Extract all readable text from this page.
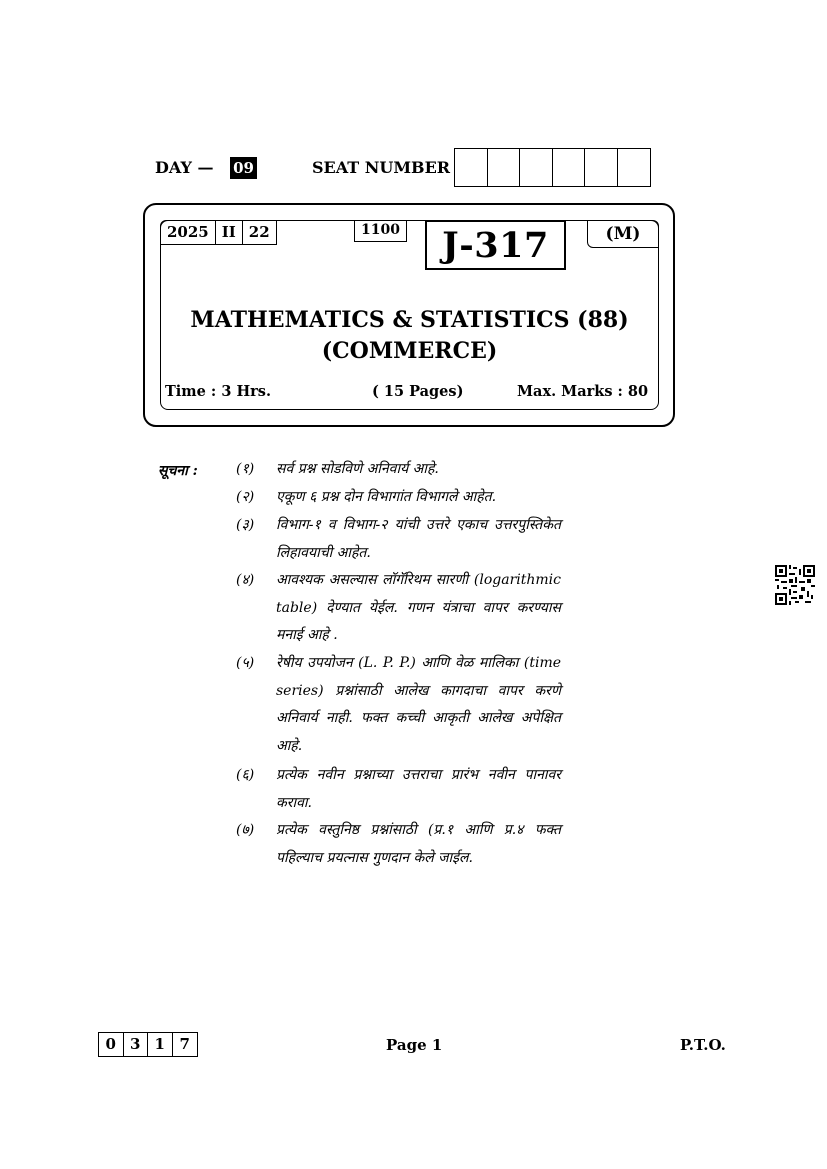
DAY — 09	SEAT NUMBER
2025 II 22	1100	J-317	(M)
MATHEMATICS & STATISTICS (88)
(COMMERCE)
Time : 3 Hrs.	( 15 Pages)	Max. Marks : 80
सूचना :	(१)	सर्व प्रश्न सोडविणे अनिवार्य आहे.
(२)	एकूण ६ प्रश्न दोन विभागांत विभागले आहेत.
(३)	विभाग-१ व विभाग-२ यांची उत्तरे एकाच उत्तरपुस्तिकेत लिहावयाची आहेत.
(४)	आवश्यक असल्यास लॉगॅरिथम सारणी (logarithmic table) देण्यात येईल. गणन यंत्राचा वापर करण्यास मनाई आहे .
(५)	रेषीय उपयोजन (L. P. P.) आणि वेळ मालिका (time series) प्रश्नांसाठी आलेख कागदाचा वापर करणे अनिवार्य नाही. फक्त कच्ची आकृती आलेख अपेक्षित आहे.
(६)	प्रत्येक नवीन प्रश्नाच्या उत्तराचा प्रारंभ नवीन पानावर करावा.
(७)	प्रत्येक वस्तुनिष्ठ प्रश्नांसाठी (प्र.१ आणि प्र.४ फक्त पहिल्याच प्रयत्नास गुणदान केले जाईल.
0 3 1 7	Page 1	P.T.O.
